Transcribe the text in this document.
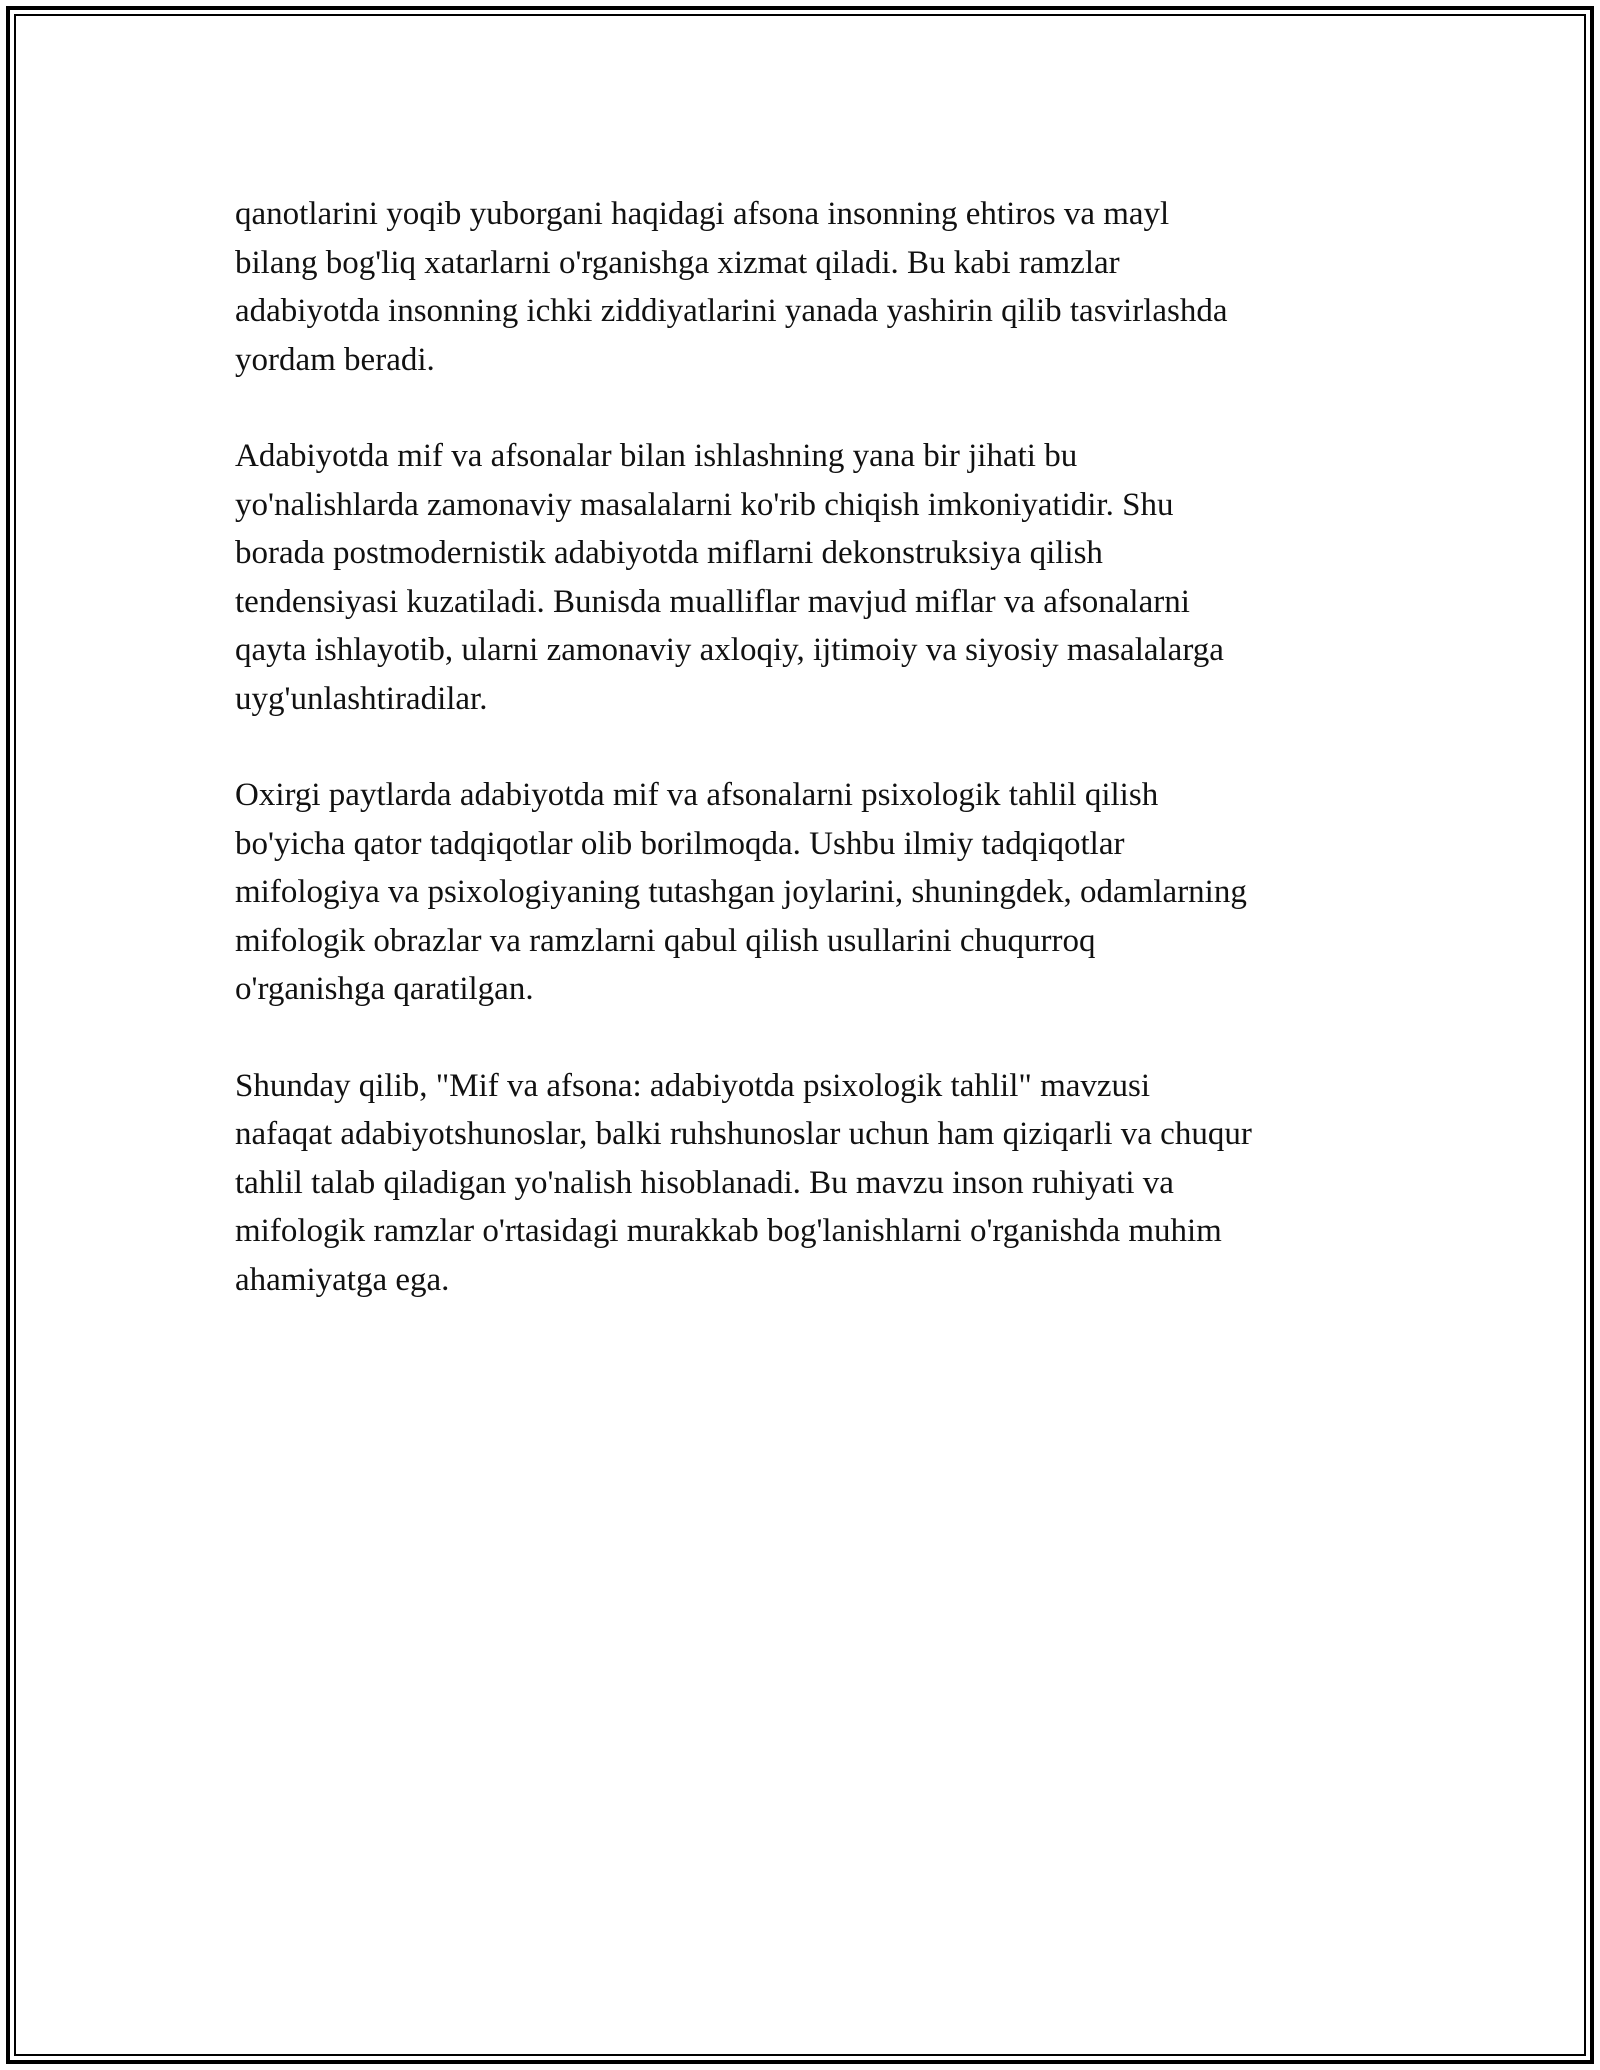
qanotlarini yoqib yuborgani haqidagi afsona insonning ehtiros va mayl
bilang bog'liq xatarlarni o'rganishga xizmat qiladi. Bu kabi ramzlar
adabiyotda insonning ichki ziddiyatlarini yanada yashirin qilib tasvirlashda
yordam beradi.

Adabiyotda mif va afsonalar bilan ishlashning yana bir jihati bu
yo'nalishlarda zamonaviy masalalarni ko'rib chiqish imkoniyatidir. Shu
borada postmodernistik adabiyotda miflarni dekonstruksiya qilish
tendensiyasi kuzatiladi. Bunisda mualliflar mavjud miflar va afsonalarni
qayta ishlayotib, ularni zamonaviy axloqiy, ijtimoiy va siyosiy masalalarga
uyg'unlashtiradilar.

Oxirgi paytlarda adabiyotda mif va afsonalarni psixologik tahlil qilish
bo'yicha qator tadqiqotlar olib borilmoqda. Ushbu ilmiy tadqiqotlar
mifologiya va psixologiyaning tutashgan joylarini, shuningdek, odamlarning
mifologik obrazlar va ramzlarni qabul qilish usullarini chuqurroq
o'rganishga qaratilgan.

Shunday qilib, "Mif va afsona: adabiyotda psixologik tahlil" mavzusi
nafaqat adabiyotshunoslar, balki ruhshunoslar uchun ham qiziqarli va chuqur
tahlil talab qiladigan yo'nalish hisoblanadi. Bu mavzu inson ruhiyati va
mifologik ramzlar o'rtasidagi murakkab bog'lanishlarni o'rganishda muhim
ahamiyatga ega.
